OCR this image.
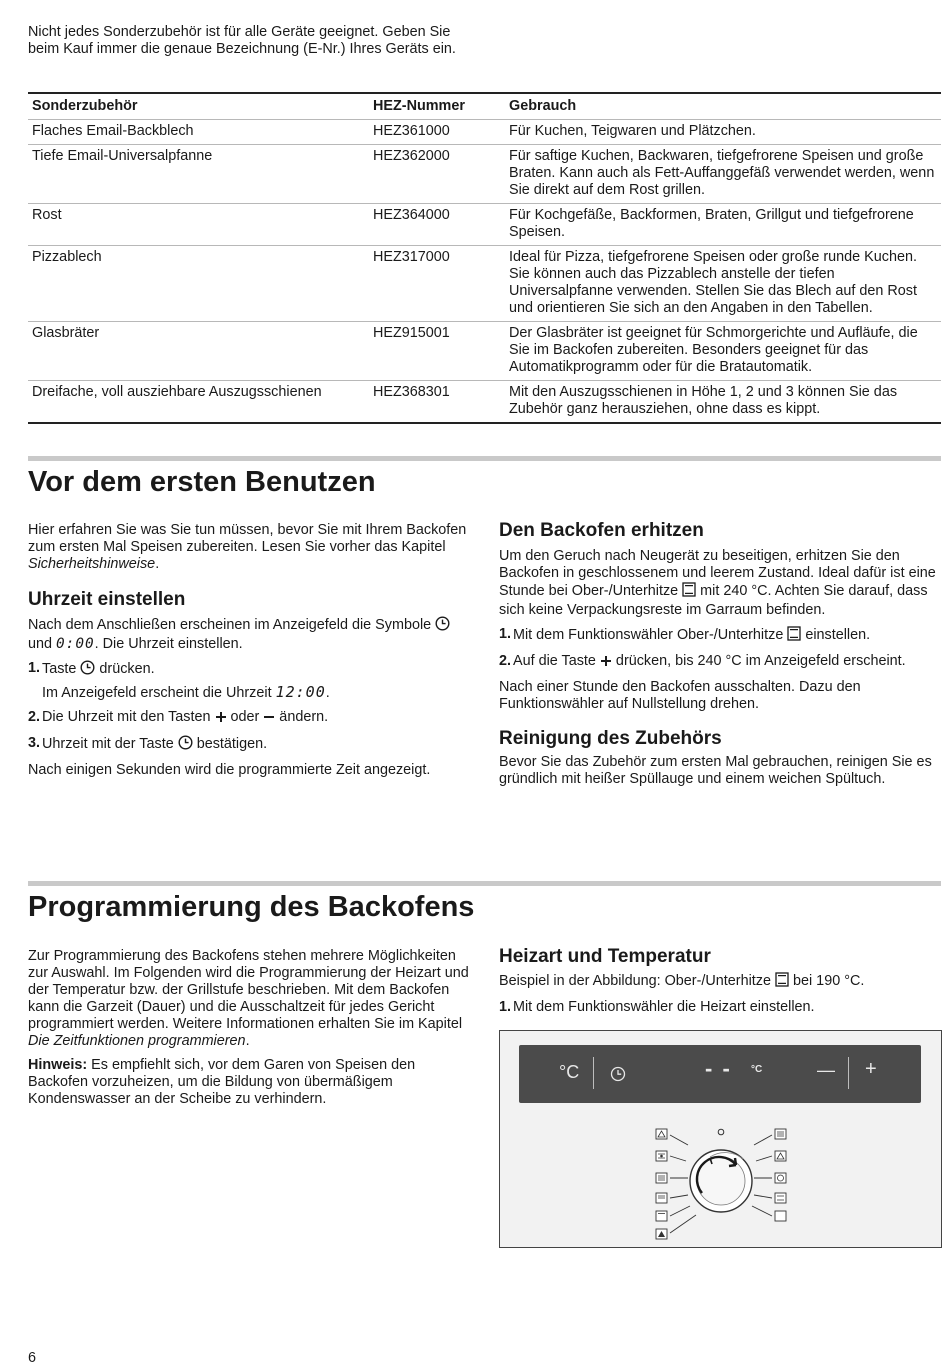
Nicht jedes Sonderzubehör ist für alle Geräte geeignet. Geben Sie beim Kauf immer die genaue Bezeichnung (E-Nr.) Ihres Geräts ein.

Sonderzubehör	HEZ-Nummer	Gebrauch
Flaches Email-Backblech	HEZ361000	Für Kuchen, Teigwaren und Plätzchen.
Tiefe Email-Universalpfanne	HEZ362000	Für saftige Kuchen, Backwaren, tiefgefrorene Speisen und große Braten. Kann auch als Fett-Auffanggefäß verwendet werden, wenn Sie direkt auf dem Rost grillen.
Rost	HEZ364000	Für Kochgefäße, Backformen, Braten, Grillgut und tiefgefrorene Speisen.
Pizzablech	HEZ317000	Ideal für Pizza, tiefgefrorene Speisen oder große runde Kuchen. Sie können auch das Pizzablech anstelle der tiefen Universalpfanne verwenden. Stellen Sie das Blech auf den Rost und orientieren Sie sich an den Angaben in den Tabellen.
Glasbräter	HEZ915001	Der Glasbräter ist geeignet für Schmorgerichte und Aufläufe, die Sie im Backofen zubereiten. Besonders geeignet für das Automatikprogramm oder für die Bratautomatik.
Dreifache, voll ausziehbare Auszugsschienen	HEZ368301	Mit den Auszugsschienen in Höhe 1, 2 und 3 können Sie das Zubehör ganz herausziehen, ohne dass es kippt.
Vor dem ersten Benutzen

Hier erfahren Sie was Sie tun müssen, bevor Sie mit Ihrem Backofen zum ersten Mal Speisen zubereiten. Lesen Sie vorher das Kapitel Sicherheitshinweise.

Uhrzeit einstellen

Nach dem Anschließen erscheinen im Anzeigefeld die Symbole  und 0:00. Die Uhrzeit einstellen.

1. Taste  drücken.
Im Anzeigefeld erscheint die Uhrzeit 12:00.
2. Die Uhrzeit mit den Tasten  oder  ändern.
3. Uhrzeit mit der Taste  bestätigen.

Nach einigen Sekunden wird die programmierte Zeit angezeigt.

Den Backofen erhitzen

Um den Geruch nach Neugerät zu beseitigen, erhitzen Sie den Backofen in geschlossenem und leerem Zustand. Ideal dafür ist eine Stunde bei Ober-/Unterhitze  mit 240 °C. Achten Sie darauf, dass sich keine Verpackungsreste im Garraum befinden.

1. Mit dem Funktionswähler Ober-/Unterhitze  einstellen.
2. Auf die Taste  drücken, bis 240 °C im Anzeigefeld erscheint.

Nach einer Stunde den Backofen ausschalten. Dazu den Funktionswähler auf Nullstellung drehen.

Reinigung des Zubehörs

Bevor Sie das Zubehör zum ersten Mal gebrauchen, reinigen Sie es gründlich mit heißer Spüllauge und einem weichen Spültuch.

Programmierung des Backofens

Zur Programmierung des Backofens stehen mehrere Möglichkeiten zur Auswahl. Im Folgenden wird die Programmierung der Heizart und der Temperatur bzw. der Grillstufe beschrieben. Mit dem Backofen kann die Garzeit (Dauer) und die Ausschaltzeit für jedes Gericht programmiert werden. Weitere Informationen erhalten Sie im Kapitel Die Zeitfunktionen programmieren.

Hinweis: Es empfiehlt sich, vor dem Garen von Speisen den Backofen vorzuheizen, um die Bildung von übermäßigem Kondenswasser an der Scheibe zu verhindern.

Heizart und Temperatur

Beispiel in der Abbildung: Ober-/Unterhitze  bei 190 °C.

1. Mit dem Funktionswähler die Heizart einstellen.
°C	- - °C	— +
6
